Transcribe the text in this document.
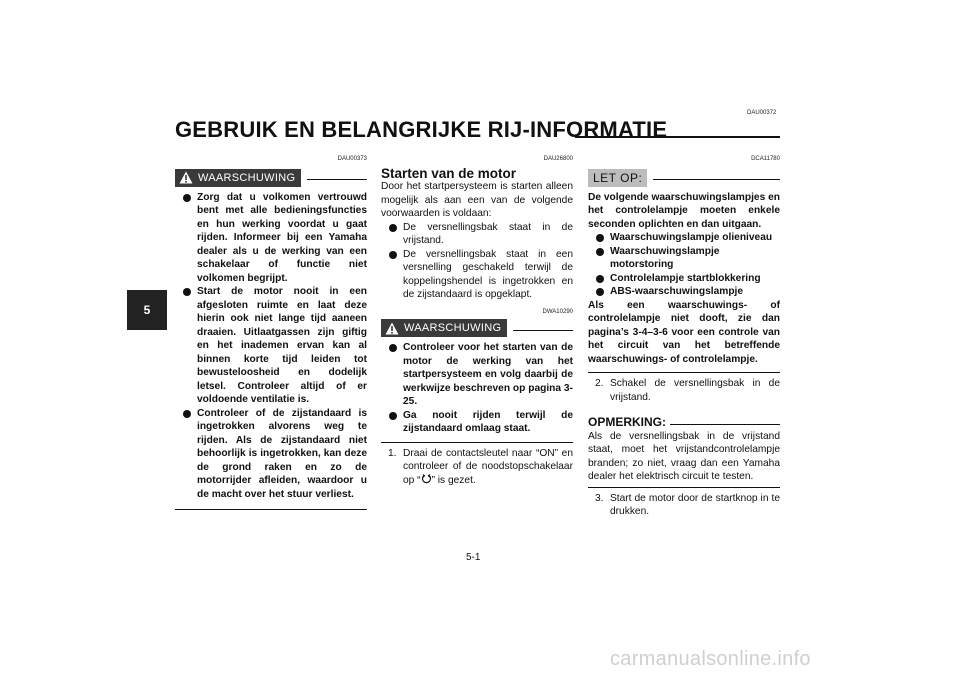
GEBRUIK EN BELANGRIJKE RIJ-INFORMATIE
DAU00372
5
DAU00373
WAARSCHUWING
Zorg dat u volkomen vertrouwd bent met alle bedieningsfuncties en hun werking voordat u gaat rijden. Informeer bij een Yamaha dealer als u de werking van een schakelaar of functie niet volkomen begrijpt.
Start de motor nooit in een afgesloten ruimte en laat deze hierin ook niet lange tijd aaneen draaien. Uitlaatgassen zijn giftig en het inademen ervan kan al binnen korte tijd leiden tot bewusteloosheid en dodelijk letsel. Controleer altijd of er voldoende ventilatie is.
Controleer of de zijstandaard is ingetrokken alvorens weg te rijden. Als de zijstandaard niet behoorlijk is ingetrokken, kan deze de grond raken en zo de motorrijder afleiden, waardoor u de macht over het stuur verliest.
DAU26800
Starten van de motor

Door het startpersysteem is starten alleen mogelijk als aan een van de volgende voorwaarden is voldaan:

De versnellingsbak staat in de vrijstand.
De versnellingsbak staat in een versnelling geschakeld terwijl de koppelingshendel is ingetrokken en de zijstandaard is opgeklapt.
DWA10290
WAARSCHUWING
Controleer voor het starten van de motor de werking van het startpersysteem en volg daarbij de werkwijze beschreven op pagina 3-25.
Ga nooit rijden terwijl de zijstandaard omlaag staat.
1. Draai de contactsleutel naar “ON” en controleer of de noodstopschakelaar op “ ” is gezet.
DCA11780
LET OP:

De volgende waarschuwingslampjes en het controlelampje moeten enkele seconden oplichten en dan uitgaan.

Waarschuwingslampje olieniveau
Waarschuwingslampje motorstoring
Controlelampje startblokkering
ABS-waarschuwingslampje

Als een waarschuwings- of controlelampje niet dooft, zie dan pagina’s 3-4–3-6 voor een controle van het circuit van het betreffende waarschuwings- of controlelampje.

2. Schakel de versnellingsbak in de vrijstand.
OPMERKING:

Als de versnellingsbak in de vrijstand staat, moet het vrijstandcontrolelampje branden; zo niet, vraag dan een Yamaha dealer het elektrisch circuit te testen.

3. Start de motor door de startknop in te drukken.
5-1
carmanualsonline.info
